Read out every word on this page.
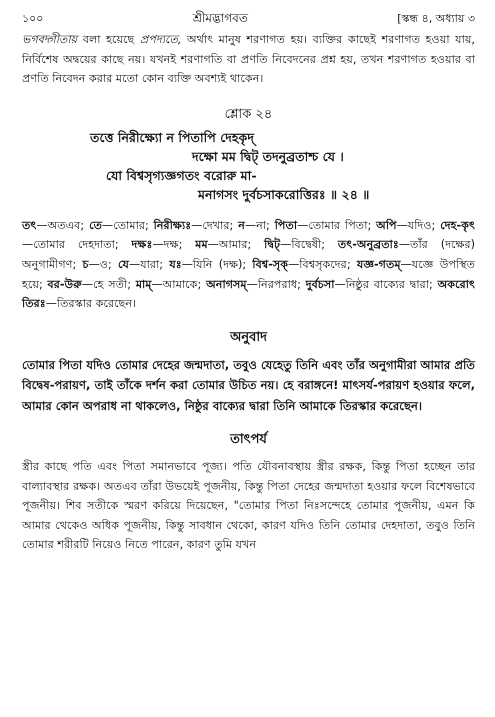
১০০	শ্রীমদ্ভাগবত	[স্কন্ধ ৪, অধ্যায় ৩

ভগবদ্গীতায় বলা হয়েছে প্রপদ্যতে, অর্থাৎ মানুষ শরণাগত হয়। ব্যক্তির কাছেই শরণাগত হওয়া যায়, নির্বিশেষ অদ্বয়ের কাছে নয়। যখনই শরণাগতি বা প্রণতি নিবেদনের প্রশ্ন হয়, তখন শরণাগত হওয়ার বা প্রণতি নিবেদন করার মতো কোন ব্যক্তি অবশ্যই থাকেন।

শ্লোক ২৪
তত্তে নিরীক্ষ্যো ন পিতাপি দেহকৃদ্
দক্ষো মম দ্বিট্ তদনুব্রতাশ্চ যে ।
যো বিশ্বসৃগ্যজ্ঞগতং বরোরু মা-
মনাগসং দুর্বচসাকরোত্তিরঃ ॥ ২৪ ॥
তৎ—অতএব; তে—তোমার; নিরীক্ষ্যঃ—দেখার; ন—না; পিতা—তোমার পিতা; অপি—যদিও; দেহ-কৃৎ—তোমার দেহদাতা; দক্ষঃ—দক্ষ; মম—আমার; দ্বিট্—বিদ্বেষী; তৎ-অনুব্রতাঃ—তাঁর (দক্ষের) অনুগামীগণ; চ—ও; যে—যারা; যঃ—যিনি (দক্ষ); বিশ্ব-সৃক্—বিশ্বসৃকদের; যজ্ঞ-গতম্—যজ্ঞে উপস্থিত হয়ে; বর-উরু—হে সতী; মাম্—আমাকে; অনাগসম্—নিরপরাধ; দুর্বচসা—নিষ্ঠুর বাক্যের দ্বারা; অকরোৎ তিরঃ—তিরস্কার করেছেন।
অনুবাদ
তোমার পিতা যদিও তোমার দেহের জন্মদাতা, তবুও যেহেতু তিনি এবং তাঁর অনুগামীরা আমার প্রতি বিদ্বেষ-পরায়ণ, তাই তাঁকে দর্শন করা তোমার উচিত নয়। হে বরাঙ্গনে! মাৎসর্য-পরায়ণ হওয়ার ফলে, আমার কোন অপরাধ না থাকলেও, নিষ্ঠুর বাক্যের দ্বারা তিনি আমাকে তিরস্কার করেছেন।
তাৎপর্য
স্ত্রীর কাছে পতি এবং পিতা সমানভাবে পূজ্য। পতি যৌবনাবস্থায় স্ত্রীর রক্ষক, কিন্তু পিতা হচ্ছেন তার বাল্যাবস্থার রক্ষক। অতএব তাঁরা উভয়েই পূজনীয়, কিন্তু পিতা দেহের জন্মদাতা হওয়ার ফলে বিশেষভাবে পূজনীয়। শিব সতীকে স্মরণ করিয়ে দিয়েছেন, "তোমার পিতা নিঃসন্দেহে তোমার পূজনীয়, এমন কি আমার থেকেও অধিক পূজনীয়, কিন্তু সাবধান থেকো, কারণ যদিও তিনি তোমার দেহদাতা, তবুও তিনি তোমার শরীরটি নিয়েও নিতে পারেন, কারণ তুমি যখন
